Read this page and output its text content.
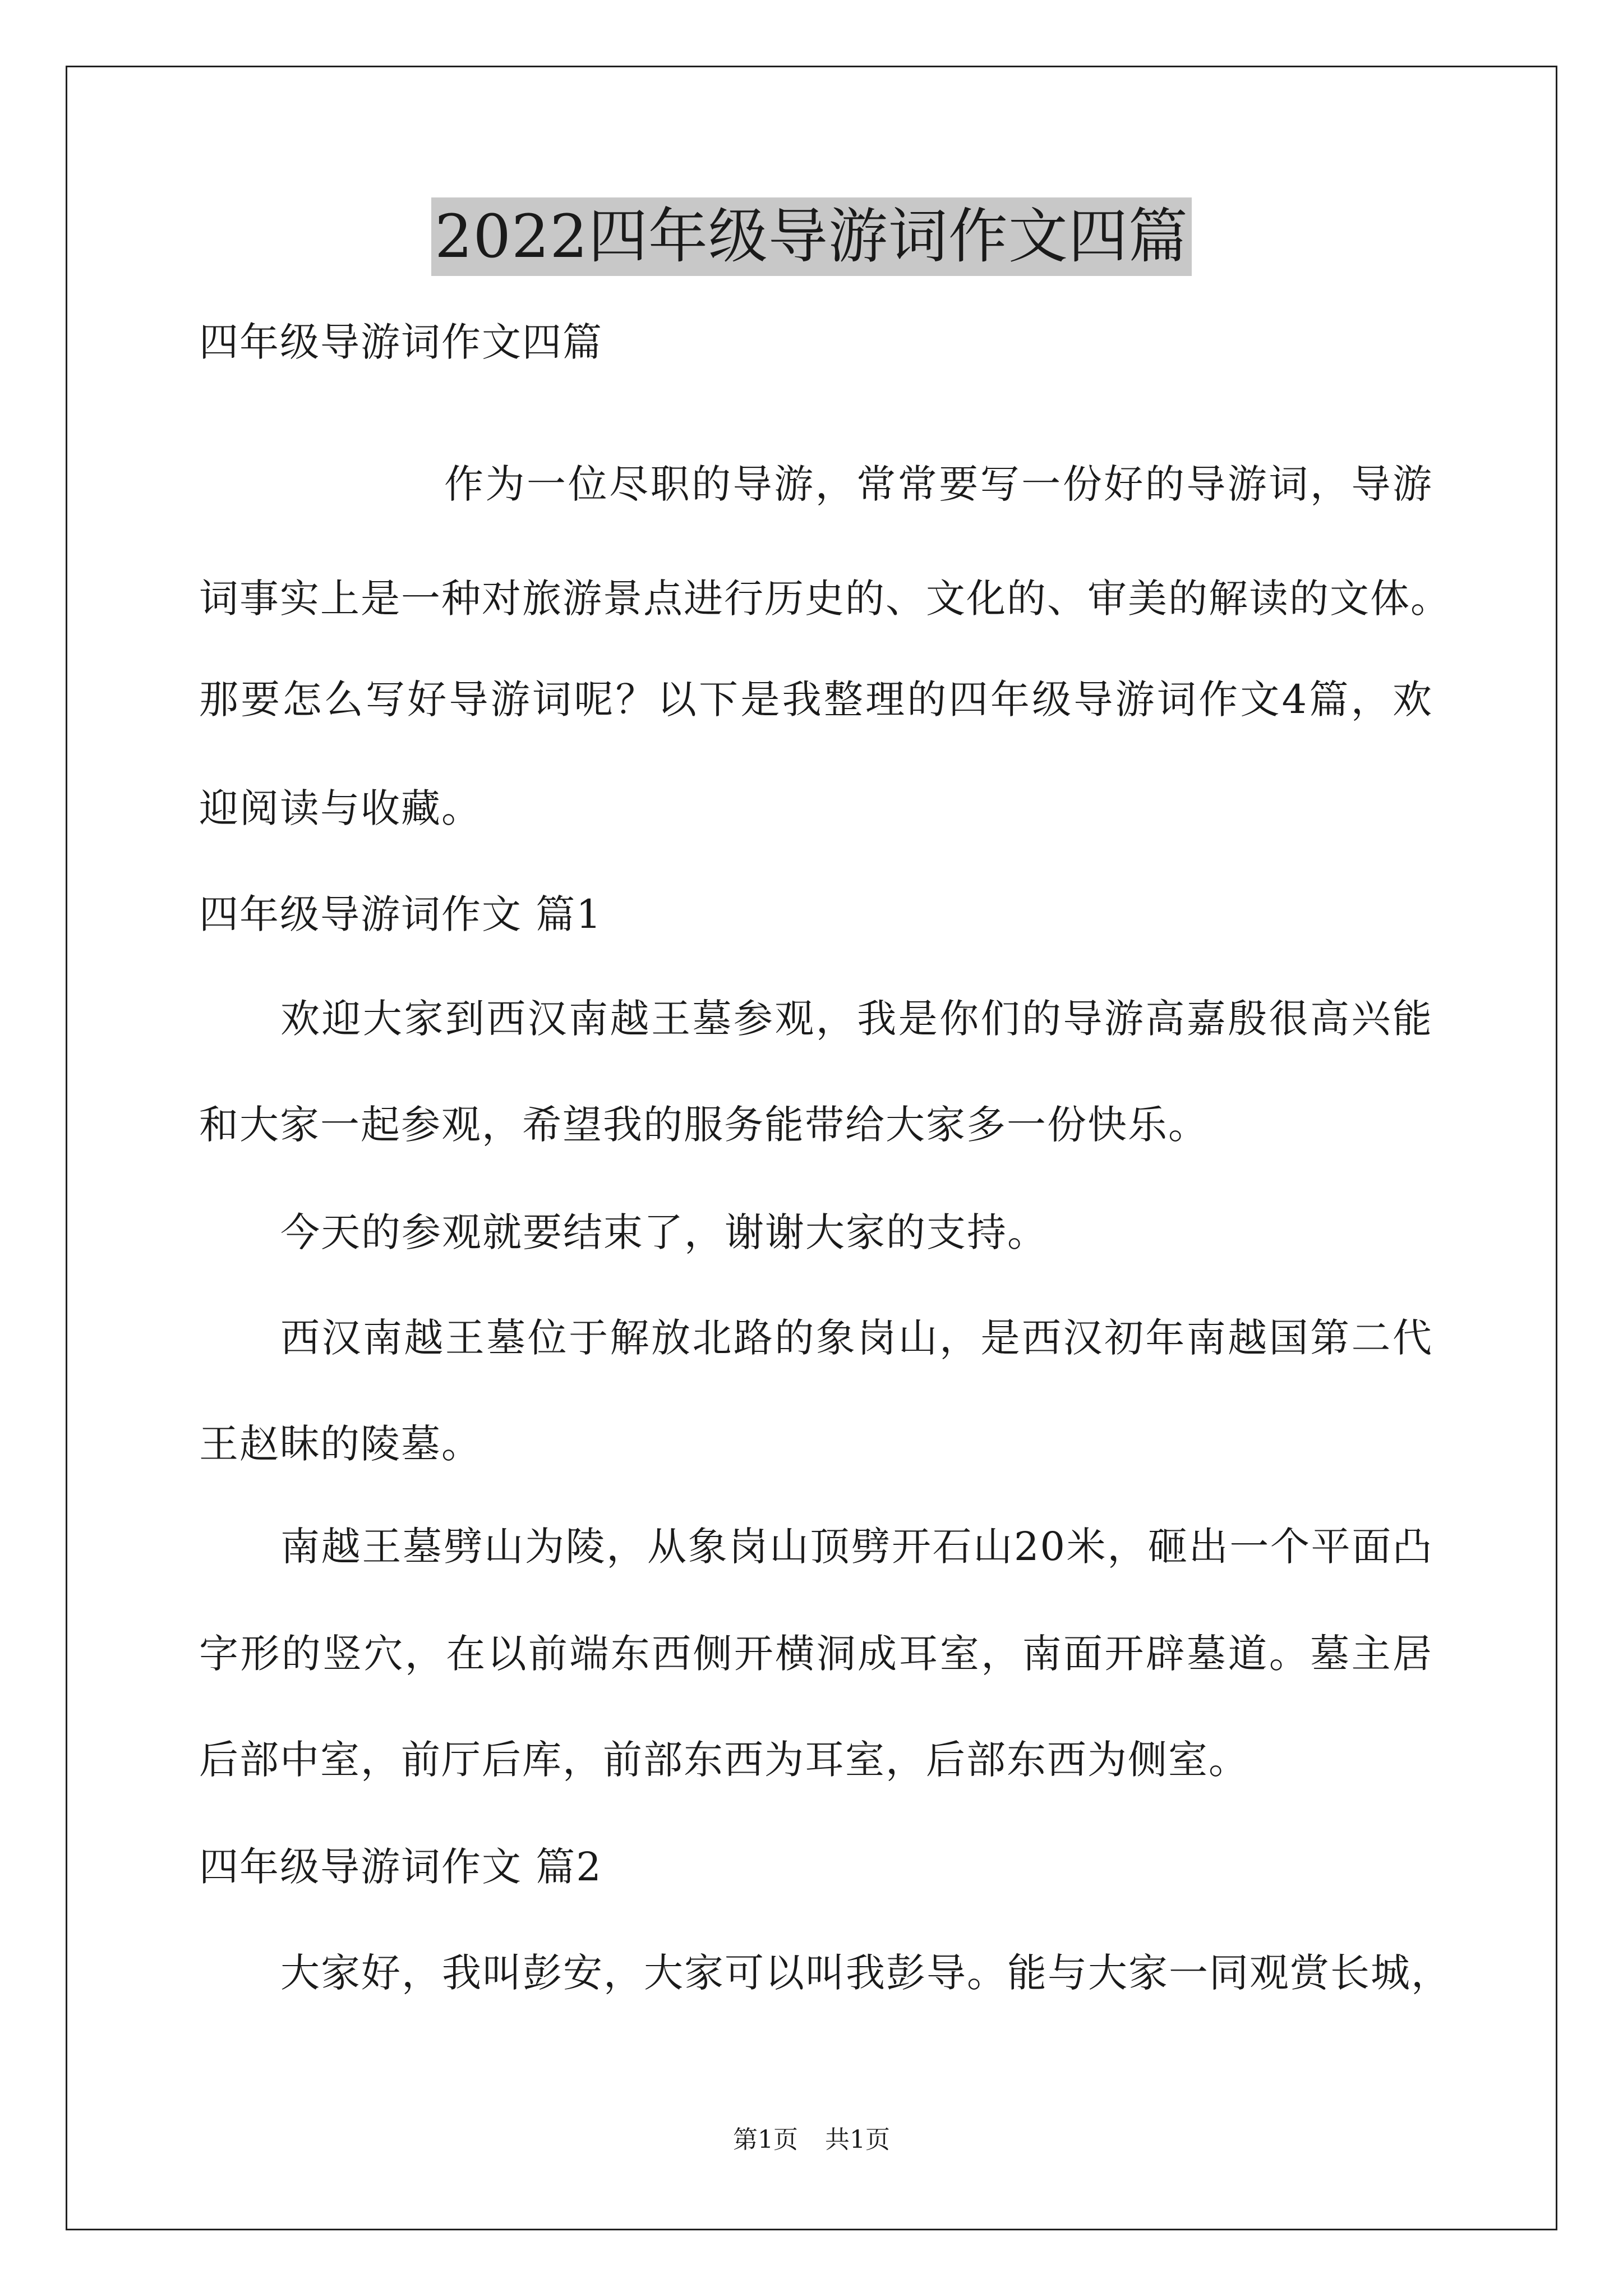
2022四年级导游词作文四篇
四年级导游词作文四篇
作为一位尽职的导游，常常要写一份好的导游词，导游
词事实上是一种对旅游景点进行历史的、文化的、审美的解读的文体。
那要怎么写好导游词呢？以下是我整理的四年级导游词作文4篇，欢
迎阅读与收藏。
四年级导游词作文 篇1
欢迎大家到西汉南越王墓参观，我是你们的导游高嘉殷很高兴能
和大家一起参观，希望我的服务能带给大家多一份快乐。
今天的参观就要结束了，谢谢大家的支持。
西汉南越王墓位于解放北路的象岗山，是西汉初年南越国第二代
王赵眜的陵墓。
南越王墓劈山为陵，从象岗山顶劈开石山20米，砸出一个平面凸
字形的竖穴，在以前端东西侧开横洞成耳室，南面开辟墓道。墓主居
后部中室，前厅后库，前部东西为耳室，后部东西为侧室。
四年级导游词作文 篇2
大家好，我叫彭安，大家可以叫我彭导。能与大家一同观赏长城，
第1页 共1页
